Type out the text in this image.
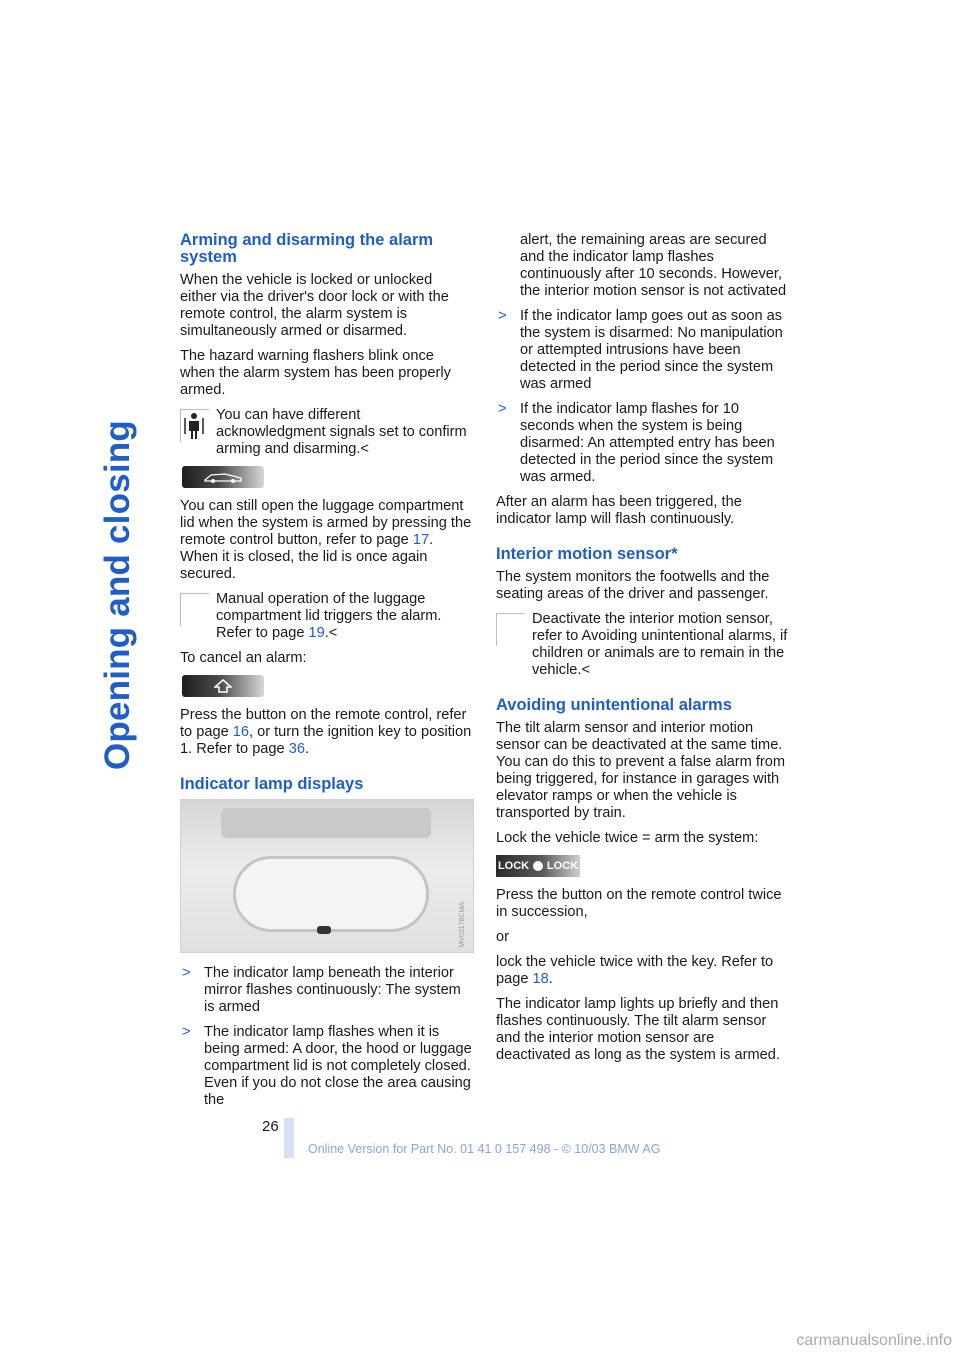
Opening and closing
Arming and disarming the alarm system

When the vehicle is locked or unlocked either via the driver's door lock or with the remote control, the alarm system is simultaneously armed or disarmed.

The hazard warning flashers blink once when the alarm system has been properly armed.

You can have different acknowledgment signals set to confirm arming and disarming.<

You can still open the luggage compartment lid when the system is armed by pressing the remote control button, refer to page 17. When it is closed, the lid is once again secured.

Manual operation of the luggage compartment lid triggers the alarm. Refer to page 19.<

To cancel an alarm:

Press the button on the remote control, refer to page 16, or turn the ignition key to position 1. Refer to page 36.

Indicator lamp displays
MV03178CMA
> The indicator lamp beneath the interior mirror flashes continuously: The system is armed
> The indicator lamp flashes when it is being armed: A door, the hood or luggage compartment lid is not completely closed. Even if you do not close the area causing the

alert, the remaining areas are secured and the indicator lamp flashes continuously after 10 seconds. However, the interior motion sensor is not activated

> If the indicator lamp goes out as soon as the system is disarmed: No manipulation or attempted intrusions have been detected in the period since the system was armed
> If the indicator lamp flashes for 10 seconds when the system is being disarmed: An attempted entry has been detected in the period since the system was armed.

After an alarm has been triggered, the indicator lamp will flash continuously.

Interior motion sensor*

The system monitors the footwells and the seating areas of the driver and passenger.

Deactivate the interior motion sensor, refer to Avoiding unintentional alarms, if children or animals are to remain in the vehicle.<
Avoiding unintentional alarms

The tilt alarm sensor and interior motion sensor can be deactivated at the same time. You can do this to prevent a false alarm from being triggered, for instance in garages with elevator ramps or when the vehicle is transported by train.

Lock the vehicle twice = arm the system:

LOCK LOCK

Press the button on the remote control twice in succession,

or

lock the vehicle twice with the key. Refer to page 18.

The indicator lamp lights up briefly and then flashes continuously. The tilt alarm sensor and the interior motion sensor are deactivated as long as the system is armed.

26
Online Version for Part No. 01 41 0 157 498 - © 10/03 BMW AG
carmanualsonline.info
